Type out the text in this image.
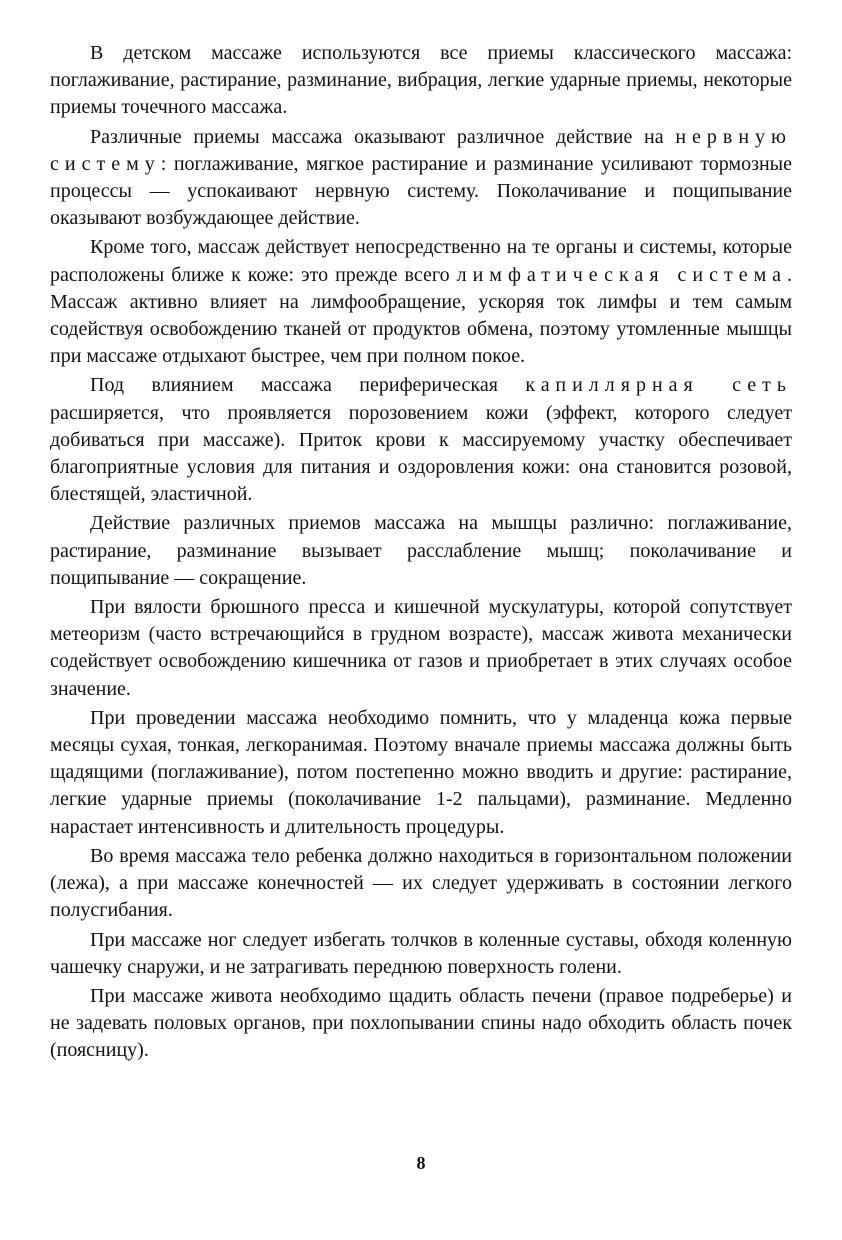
В детском массаже используются все приемы классического массажа: поглаживание, растирание, разминание, вибрация, легкие ударные приемы, некоторые приемы точечного массажа.

Различные приемы массажа оказывают различное действие на нервную систему: поглаживание, мягкое растирание и разминание усиливают тормозные процессы — успокаивают нервную систему. Поколачивание и пощипывание оказывают возбуждающее действие.

Кроме того, массаж действует непосредственно на те органы и системы, которые расположены ближе к коже: это прежде всего лимфатическая система. Массаж активно влияет на лимфообращение, ускоряя ток лимфы и тем самым содействуя освобождению тканей от продуктов обмена, поэтому утомленные мышцы при массаже отдыхают быстрее, чем при полном покое.

Под влиянием массажа периферическая капиллярная сеть расширяется, что проявляется порозовением кожи (эффект, которого следует добиваться при массаже). Приток крови к массируемому участку обеспечивает благоприятные условия для питания и оздоровления кожи: она становится розовой, блестящей, эластичной.

Действие различных приемов массажа на мышцы различно: поглаживание, растирание, разминание вызывает расслабление мышц; поколачивание и пощипывание — сокращение.

При вялости брюшного пресса и кишечной мускулатуры, которой сопутствует метеоризм (часто встречающийся в грудном возрасте), массаж живота механически содействует освобождению кишечника от газов и приобретает в этих случаях особое значение.

При проведении массажа необходимо помнить, что у младенца кожа первые месяцы сухая, тонкая, легкоранимая. Поэтому вначале приемы массажа должны быть щадящими (поглаживание), потом постепенно можно вводить и другие: растирание, легкие ударные приемы (поколачивание 1-2 пальцами), разминание. Медленно нарастает интенсивность и длительность процедуры.

Во время массажа тело ребенка должно находиться в горизонтальном положении (лежа), а при массаже конечностей — их следует удерживать в состоянии легкого полусгибания.

При массаже ног следует избегать толчков в коленные суставы, обходя коленную чашечку снаружи, и не затрагивать переднюю поверхность голени.

При массаже живота необходимо щадить область печени (правое подреберье) и не задевать половых органов, при похлопывании спины надо обходить область почек (поясницу).

8
